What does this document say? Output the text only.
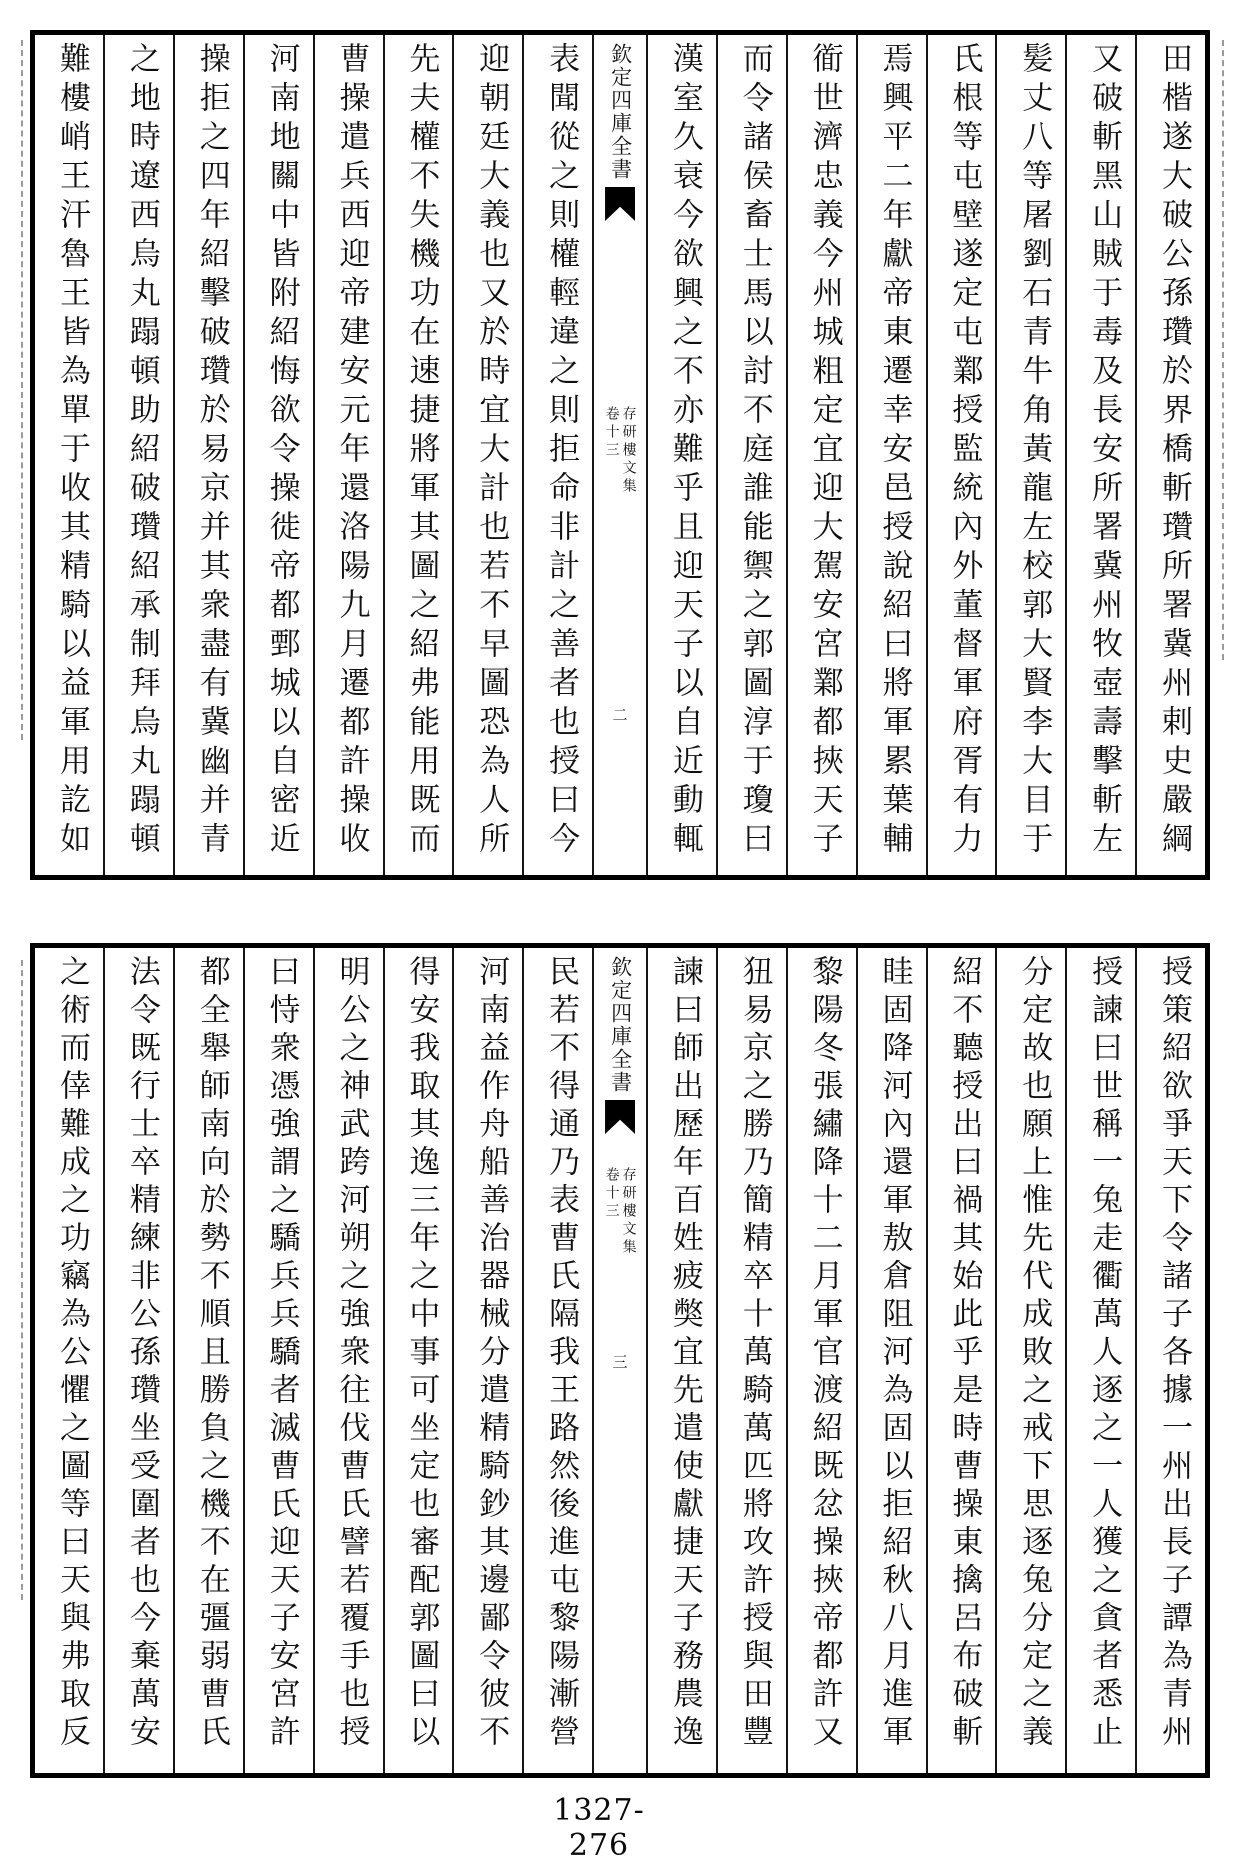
田楷遂大破公孫瓚於界橋斬瓚所署冀州剌史嚴綱
又破斬黑山賊于毒及長安所署冀州牧壺壽擊斬左
髪丈八等屠劉石青牛角黃龍左校郭大賢李大目于
氏根等屯壁遂定屯鄴授監統內外董督軍府胥有力
焉興平二年獻帝東遷幸安邑授說紹曰將軍累葉輔
衜世濟忠義今州城粗定宜迎大駕安宮鄴都挾天子
而令諸侯畜士馬以討不庭誰能禦之郭圖淳于瓊曰
漢室久衰今欲興之不亦難乎且迎天子以自近動輒
欽定四庫全書
存研樓文集
卷十三
二
表聞從之則權輕違之則拒命非計之善者也授曰今
迎朝廷大義也又於時宜大計也若不早圖恐為人所
先夫權不失機功在速捷將軍其圖之紹弗能用既而
曹操遣兵西迎帝建安元年還洛陽九月遷都許操收
河南地關中皆附紹悔欲令操徙帝都鄄城以自密近
操拒之四年紹擊破瓚於易京并其衆盡有冀幽并青
之地時遼西烏丸蹋頓助紹破瓚紹承制拜烏丸蹋頓
難樓峭王汗魯王皆為單于收其精騎以益軍用訖如
授策紹欲爭天下令諸子各據一州出長子譚為青州
授諫曰世稱一兔走衢萬人逐之一人獲之貪者悉止
分定故也願上惟先代成敗之戒下思逐兔分定之義
紹不聽授出曰禍其始此乎是時曹操東擒呂布破斬
眭固降河內還軍敖倉阻河為固以拒紹秋八月進軍
黎陽冬張繡降十二月軍官渡紹既忿操挾帝都許又
狃易京之勝乃簡精卒十萬騎萬匹將攻許授與田豐
諫曰師出歷年百姓疲獘宜先遣使獻捷天子務農逸
欽定四庫全書
存研樓文集
卷十三
三
民若不得通乃表曹氏隔我王路然後進屯黎陽漸營
河南益作舟船善治器械分遣精騎鈔其邊鄙令彼不
得安我取其逸三年之中事可坐定也審配郭圖曰以
明公之神武跨河朔之強衆往伐曹氏譬若覆手也授
曰恃衆憑強謂之驕兵兵驕者滅曹氏迎天子安宮許
都全舉師南向於勢不順且勝負之機不在彊弱曹氏
法令既行士卒精練非公孫瓚坐受圍者也今棄萬安
之術而倖難成之功竊為公懼之圖等曰天與弗取反
1327-276
